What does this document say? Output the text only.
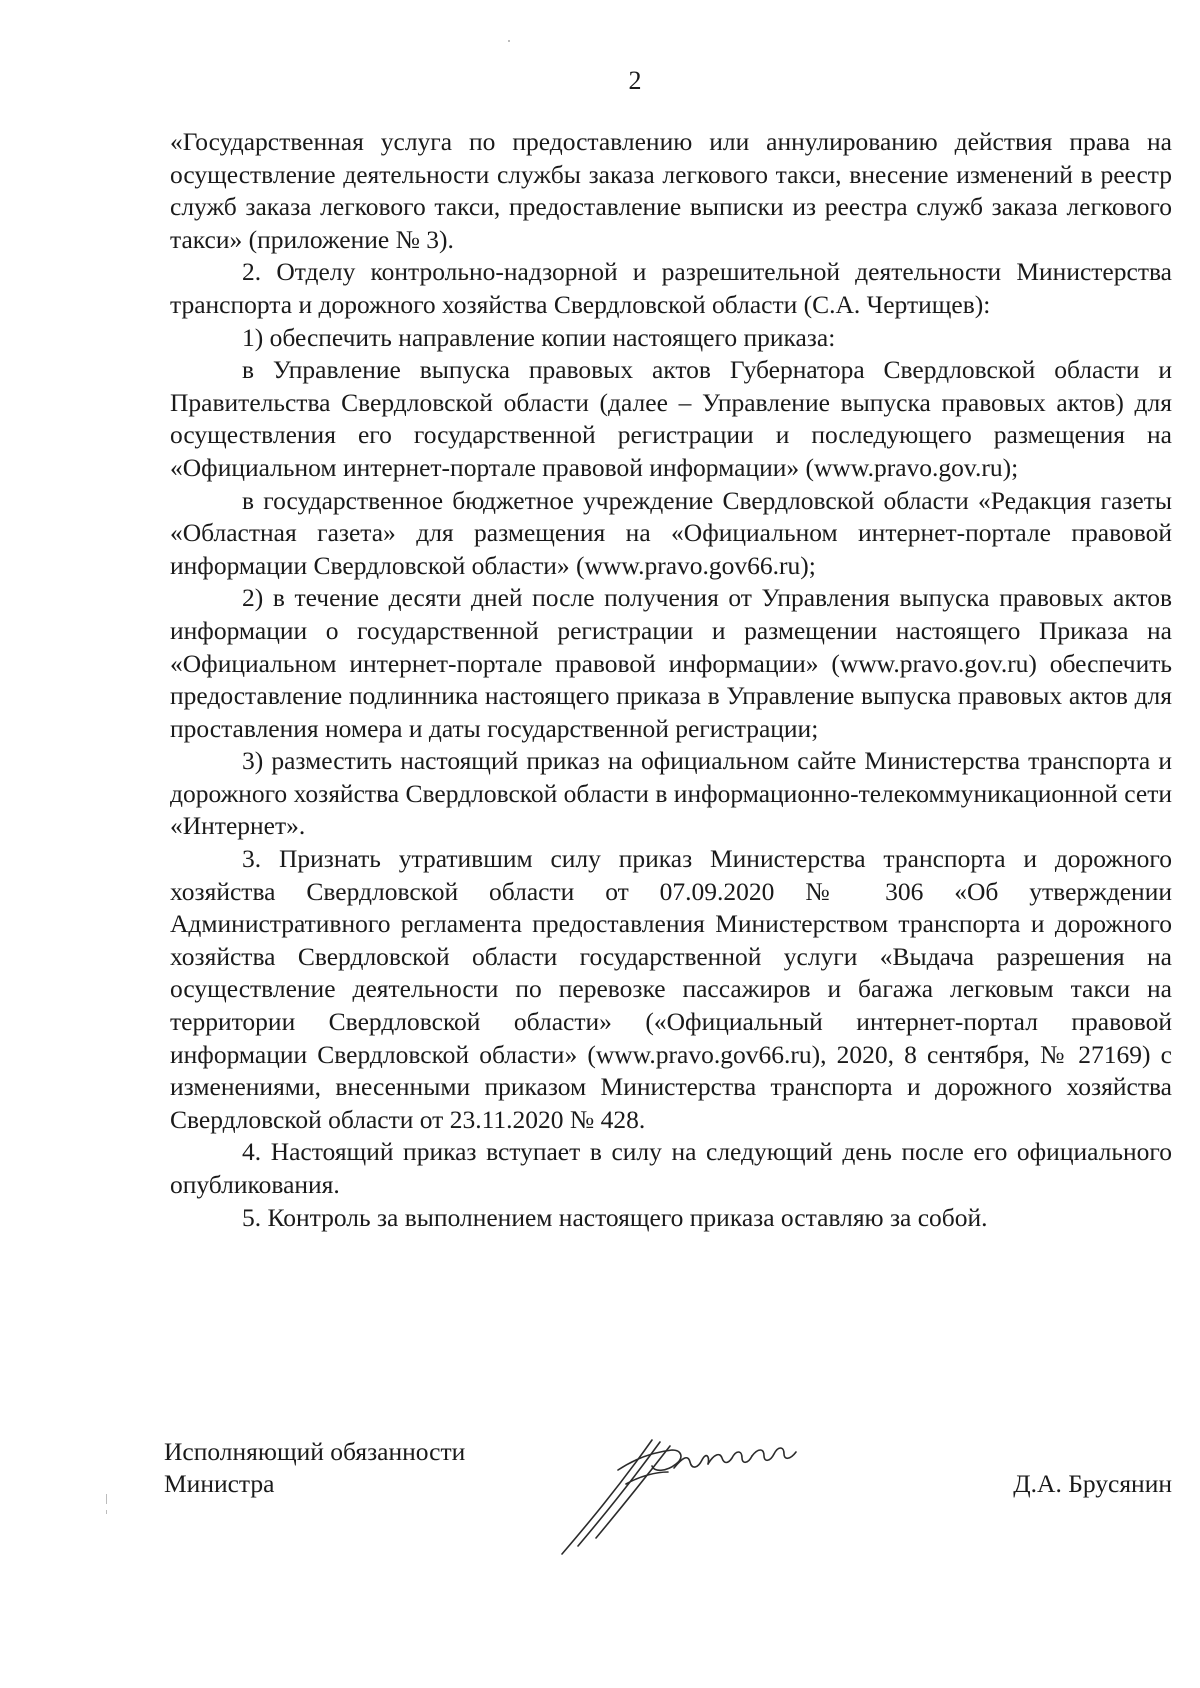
2

«Государственная услуга по предоставлению или аннулированию действия права на осуществление деятельности службы заказа легкового такси, внесение изменений в реестр служб заказа легкового такси, предоставление выписки из реестра служб заказа легкового такси» (приложение № 3).

2. Отделу контрольно-надзорной и разрешительной деятельности Министерства транспорта и дорожного хозяйства Свердловской области (С.А. Чертищев):

1) обеспечить направление копии настоящего приказа:

в Управление выпуска правовых актов Губернатора Свердловской области и Правительства Свердловской области (далее – Управление выпуска правовых актов) для осуществления его государственной регистрации и последующего размещения на «Официальном интернет-портале правовой информации» (www.pravo.gov.ru);

в государственное бюджетное учреждение Свердловской области «Редакция газеты «Областная газета» для размещения на «Официальном интернет-портале правовой информации Свердловской области» (www.pravo.gov66.ru);

2) в течение десяти дней после получения от Управления выпуска правовых актов информации о государственной регистрации и размещении настоящего Приказа на «Официальном интернет-портале правовой информации» (www.pravo.gov.ru) обеспечить предоставление подлинника настоящего приказа в Управление выпуска правовых актов для проставления номера и даты государственной регистрации;

3) разместить настоящий приказ на официальном сайте Министерства транспорта и дорожного хозяйства Свердловской области в информационно-телекоммуникационной сети «Интернет».

3. Признать утратившим силу приказ Министерства транспорта и дорожного хозяйства Свердловской области от 07.09.2020 № 306 «Об утверждении Административного регламента предоставления Министерством транспорта и дорожного хозяйства Свердловской области государственной услуги «Выдача разрешения на осуществление деятельности по перевозке пассажиров и багажа легковым такси на территории Свердловской области» («Официальный интернет-портал правовой информации Свердловской области» (www.pravo.gov66.ru), 2020, 8 сентября, № 27169) с изменениями, внесенными приказом Министерства транспорта и дорожного хозяйства Свердловской области от 23.11.2020 № 428.

4. Настоящий приказ вступает в силу на следующий день после его официального опубликования.

5. Контроль за выполнением настоящего приказа оставляю за собой.

Исполняющий обязанности
Министра	Д.А. Брусянин
